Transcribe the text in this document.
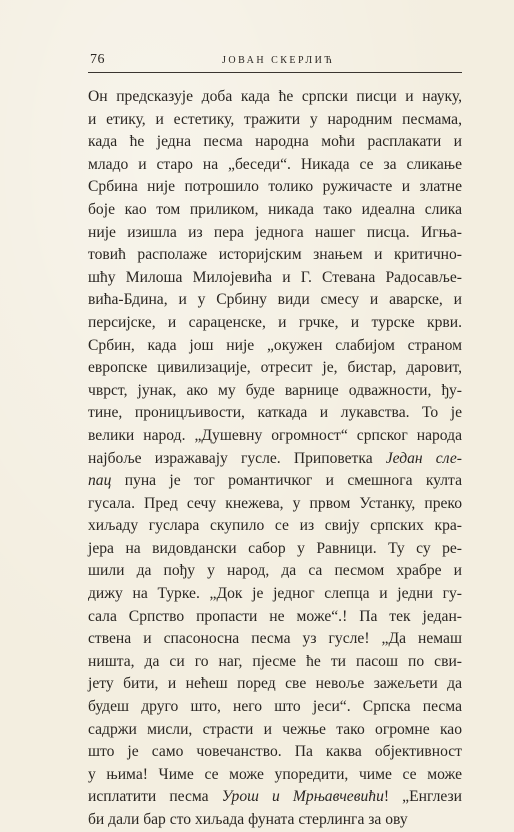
76	ЈОВАН СКЕРЛИЋ
Он предсказује доба када ће српски писци и науку,
и етику, и естетику, тражити у народним песмама,
када ће једна песма народна моћи расплакати и
младо и старо на „беседи“. Никада се за сликање
Србина није потрошило толико ружичасте и златне
боје као том приликом, никада тако идеална слика
није изишла из пера једнога нашег писца. Игња-
товић располаже историјским знањем и критично-
шћу Милоша Милојевића и Г. Стевана Радосавље-
вића-Бдина, и у Србину види смесу и аварске, и
персијске, и сараценске, и грчке, и турске крви.
Србин, када још није „окужен слабијом страном
европске цивилизације, отресит је, бистар, даровит,
чврст, јунак, ако му буде варнице одважности, ђу-
тине, проницљивости, каткада и лукавства. То је
велики народ. „Душевну огромност“ српског народа
најбоље изражавају гусле. Приповетка Један сле-
пац пуна је тог романтичког и смешнога култа
гусала. Пред сечу кнежева, у првом Устанку, преко
хиљаду гуслара скупило се из свију српских кра-
јера на видовдански сабор у Равници. Ту су ре-
шили да пођу у народ, да са песмом храбре и
дижу на Турке. „Док је једног слепца и једни гу-
сала Српство пропасти не може“.! Па тек један-
ствена и спасоносна песма уз гусле! „Да немаш
ништа, да си го наг, пјесме ће ти пасош по сви-
јету бити, и нећеш поред све невоље зажељети да
будеш друго што, него што јеси“. Српска песма
садржи мисли, страсти и чежње тако огромне као
што је само човечанство. Па каква објективност
у њима! Чиме се може упоредити, чиме се може
исплатити песма Урош и Мрњавчевићи! „Енглези
би дали бар сто хиљада фуната стерлинга за ову
